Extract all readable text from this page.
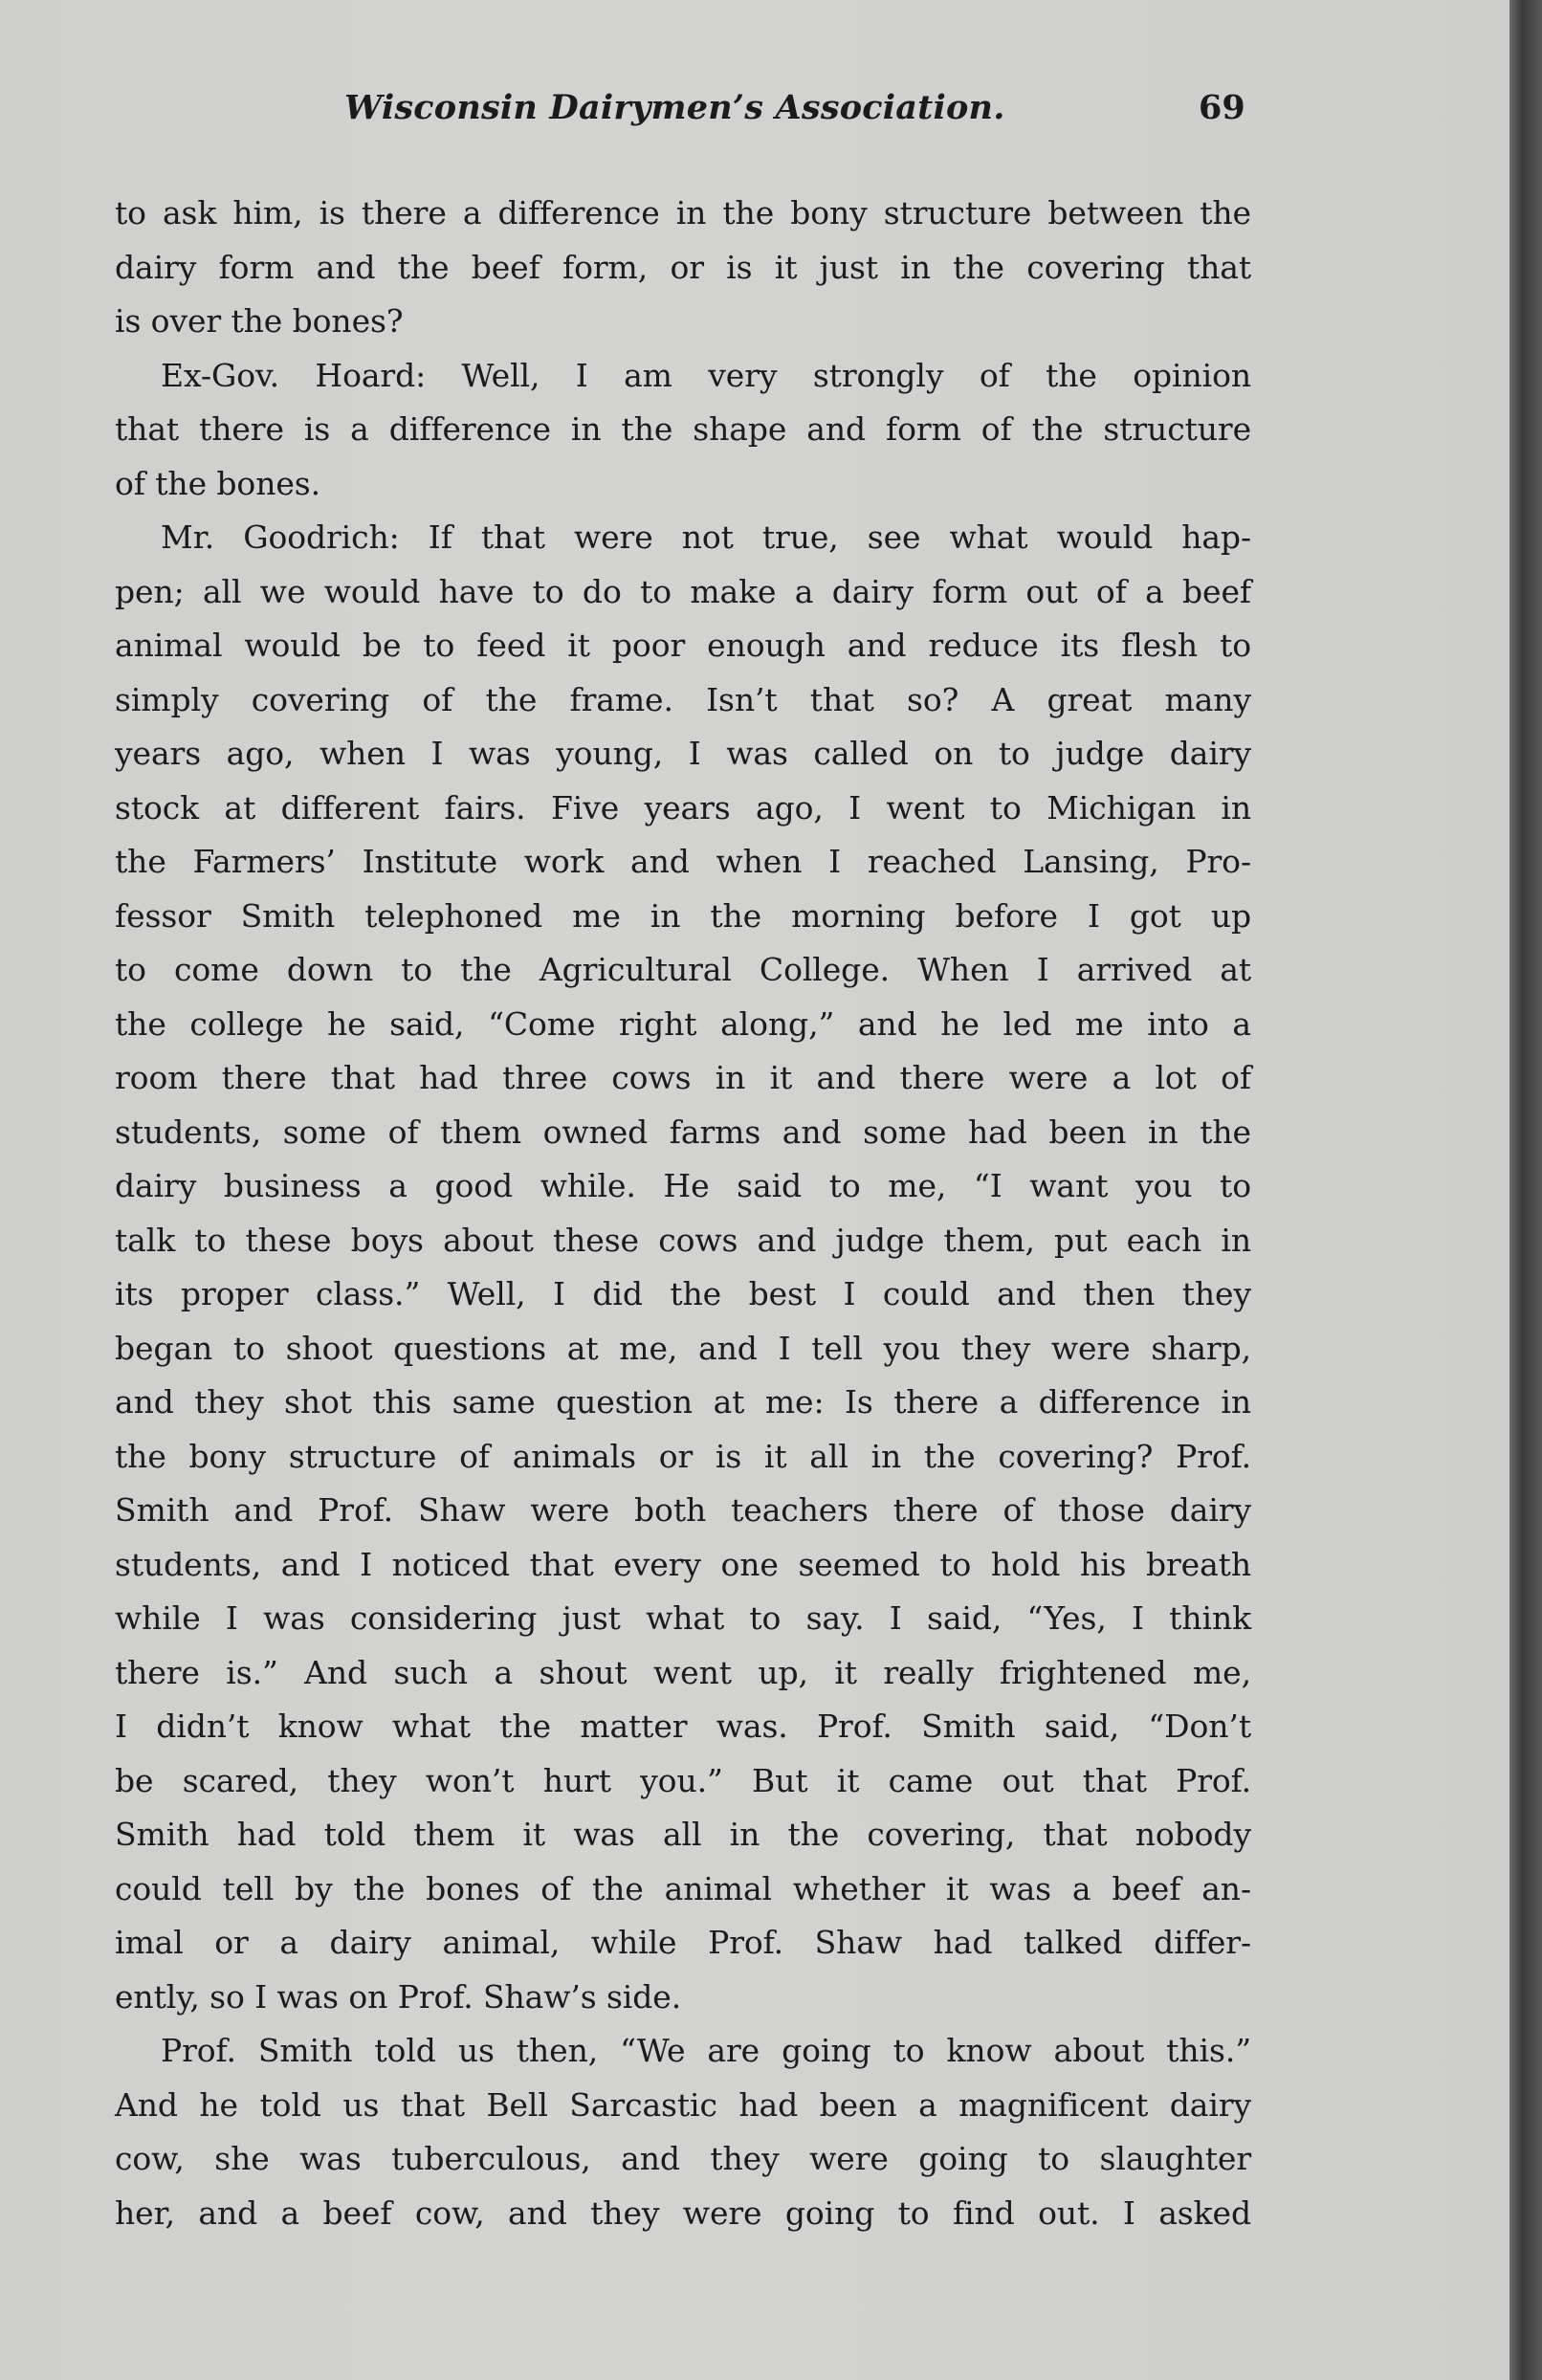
Wisconsin Dairymen’s Association.	69
to ask him, is there a difference in the bony structure between the
dairy form and the beef form, or is it just in the covering that
is over the bones?
Ex-Gov. Hoard: Well, I am very strongly of the opinion
that there is a difference in the shape and form of the structure
of the bones.
Mr. Goodrich: If that were not true, see what would hap-
pen; all we would have to do to make a dairy form out of a beef
animal would be to feed it poor enough and reduce its flesh to
simply covering of the frame. Isn’t that so? A great many
years ago, when I was young, I was called on to judge dairy
stock at different fairs. Five years ago, I went to Michigan in
the Farmers’ Institute work and when I reached Lansing, Pro-
fessor Smith telephoned me in the morning before I got up
to come down to the Agricultural College. When I arrived at
the college he said, “Come right along,” and he led me into a
room there that had three cows in it and there were a lot of
students, some of them owned farms and some had been in the
dairy business a good while. He said to me, “I want you to
talk to these boys about these cows and judge them, put each in
its proper class.” Well, I did the best I could and then they
began to shoot questions at me, and I tell you they were sharp,
and they shot this same question at me: Is there a difference in
the bony structure of animals or is it all in the covering? Prof.
Smith and Prof. Shaw were both teachers there of those dairy
students, and I noticed that every one seemed to hold his breath
while I was considering just what to say. I said, “Yes, I think
there is.” And such a shout went up, it really frightened me,
I didn’t know what the matter was. Prof. Smith said, “Don’t
be scared, they won’t hurt you.” But it came out that Prof.
Smith had told them it was all in the covering, that nobody
could tell by the bones of the animal whether it was a beef an-
imal or a dairy animal, while Prof. Shaw had talked differ-
ently, so I was on Prof. Shaw’s side.
Prof. Smith told us then, “We are going to know about this.”
And he told us that Bell Sarcastic had been a magnificent dairy
cow, she was tuberculous, and they were going to slaughter
her, and a beef cow, and they were going to find out. I asked
